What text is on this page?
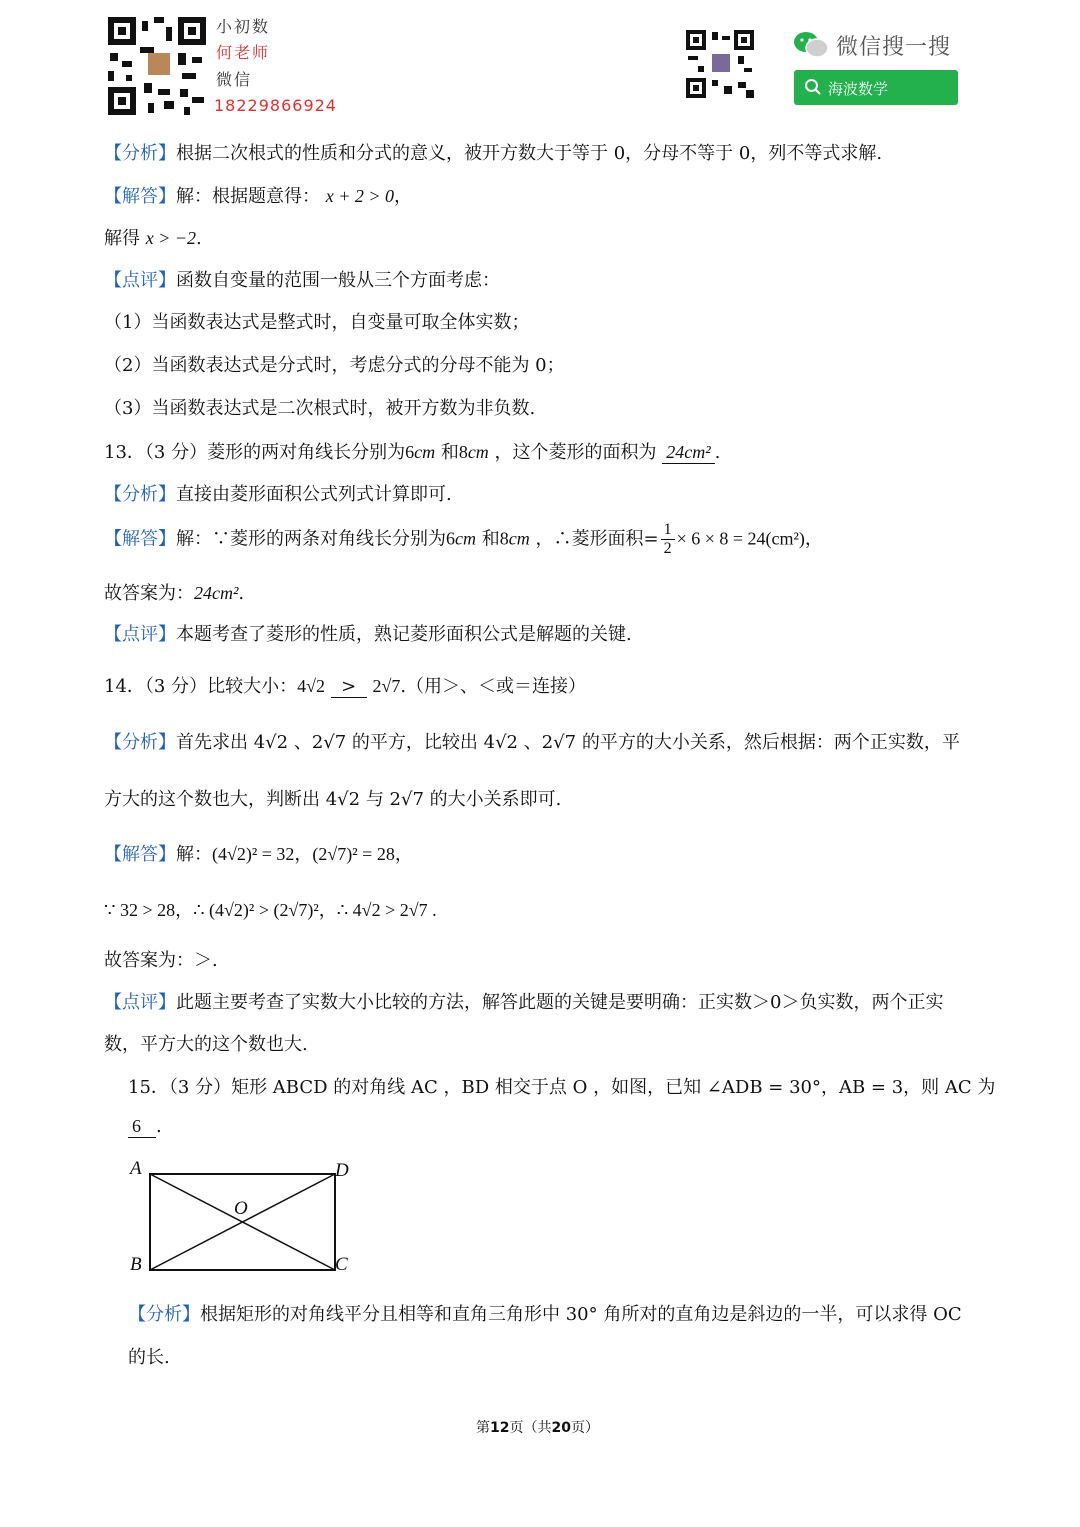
小初数
何老师
微信
18229866924
微信搜一搜
海波数学
【分析】根据二次根式的性质和分式的意义，被开方数大于等于 0，分母不等于 0，列不等式求解.
【解答】解：根据题意得： x + 2 > 0，
解得 x > −2.
【点评】函数自变量的范围一般从三个方面考虑：
（1）当函数表达式是整式时，自变量可取全体实数；
（2）当函数表达式是分式时，考虑分式的分母不能为 0；
（3）当函数表达式是二次根式时，被开方数为非负数.
13．（3 分）菱形的两对角线长分别为6cm 和8cm ，这个菱形的面积为 24cm² .
【分析】直接由菱形面积公式列式计算即可.
【解答】解：∵菱形的两条对角线长分别为6cm 和8cm ，∴菱形面积= $\frac{1}{2} \times 6 \times 8 = 24(cm^2)$，
故答案为：24cm².
【点评】本题考查了菱形的性质，熟记菱形面积公式是解题的关键.
14．（3 分）比较大小：4√2 > 2√7.（用＞、＜或＝连接）
【分析】首先求出 4√2 、2√7 的平方，比较出 4√2 、2√7 的平方的大小关系，然后根据：两个正实数，平
方大的这个数也大，判断出 4√2 与 2√7 的大小关系即可.
【解答】解：(4√2)² = 32，(2√7)² = 28，
∵ 32 > 28，∴ (4√2)² > (2√7)²，∴ 4√2 > 2√7 .
故答案为：＞.
【点评】此题主要考查了实数大小比较的方法，解答此题的关键是要明确：正实数＞0＞负实数，两个正实
数，平方大的这个数也大.
15．（3 分）矩形 ABCD 的对角线 AC ，BD 相交于点 O ，如图，已知 ∠ADB = 30°，AB = 3，则 AC 为
6 .
A	D
B	C
O
【分析】根据矩形的对角线平分且相等和直角三角形中 30° 角所对的直角边是斜边的一半，可以求得 OC
的长.
第12页（共20页）
